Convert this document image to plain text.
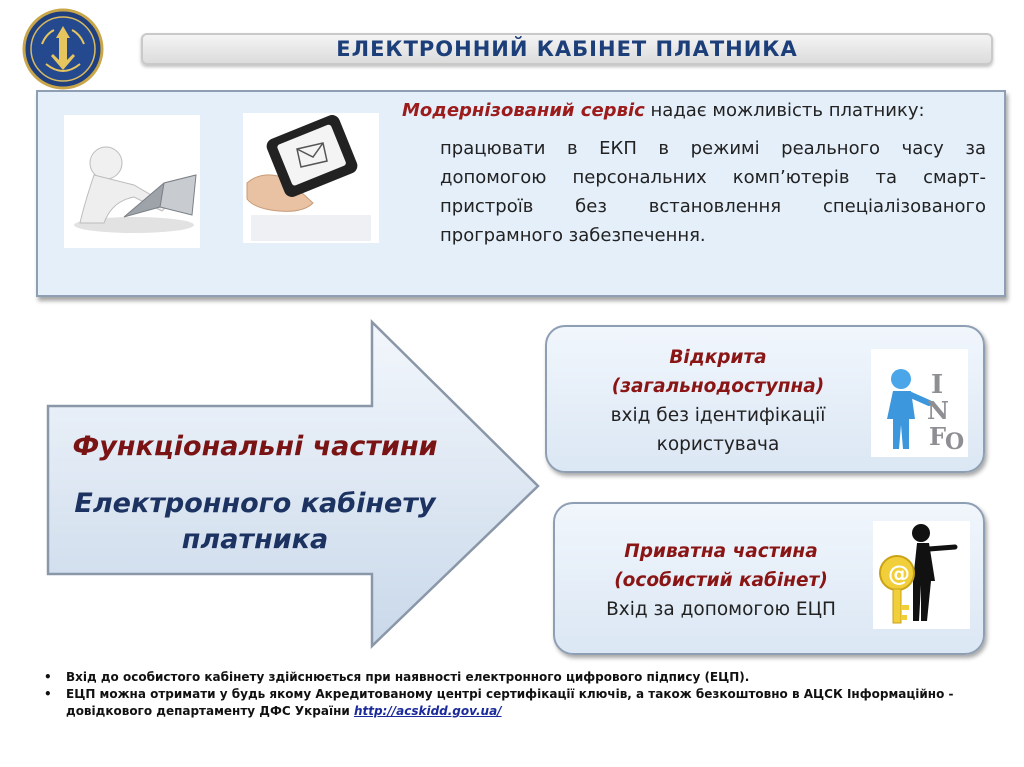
ЕЛЕКТРОННИЙ КАБІНЕТ ПЛАТНИКА
Модернізований сервіс надає можливість платнику:
працювати в ЕКП в режимі реального часу за допомогою персональних комп’ютерів та смарт-пристроїв без встановлення спеціалізованого програмного забезпечення.
Функціональні частини
Електронного кабінету платника
Відкрита
(загальнодоступна)
вхід без ідентифікації
користувача
I
N
F
O
Приватна частина
(особистий кабінет)
Вхід за допомогою ЕЦП
@
•	Вхід до особистого кабінету здійснюється при наявності електронного цифрового підпису (ЕЦП).
•	ЕЦП можна отримати у будь якому Акредитованому центрі сертифікації ключів, а також безкоштовно в АЦСК Інформаційно - довідкового департаменту ДФС України http://acskidd.gov.ua/
